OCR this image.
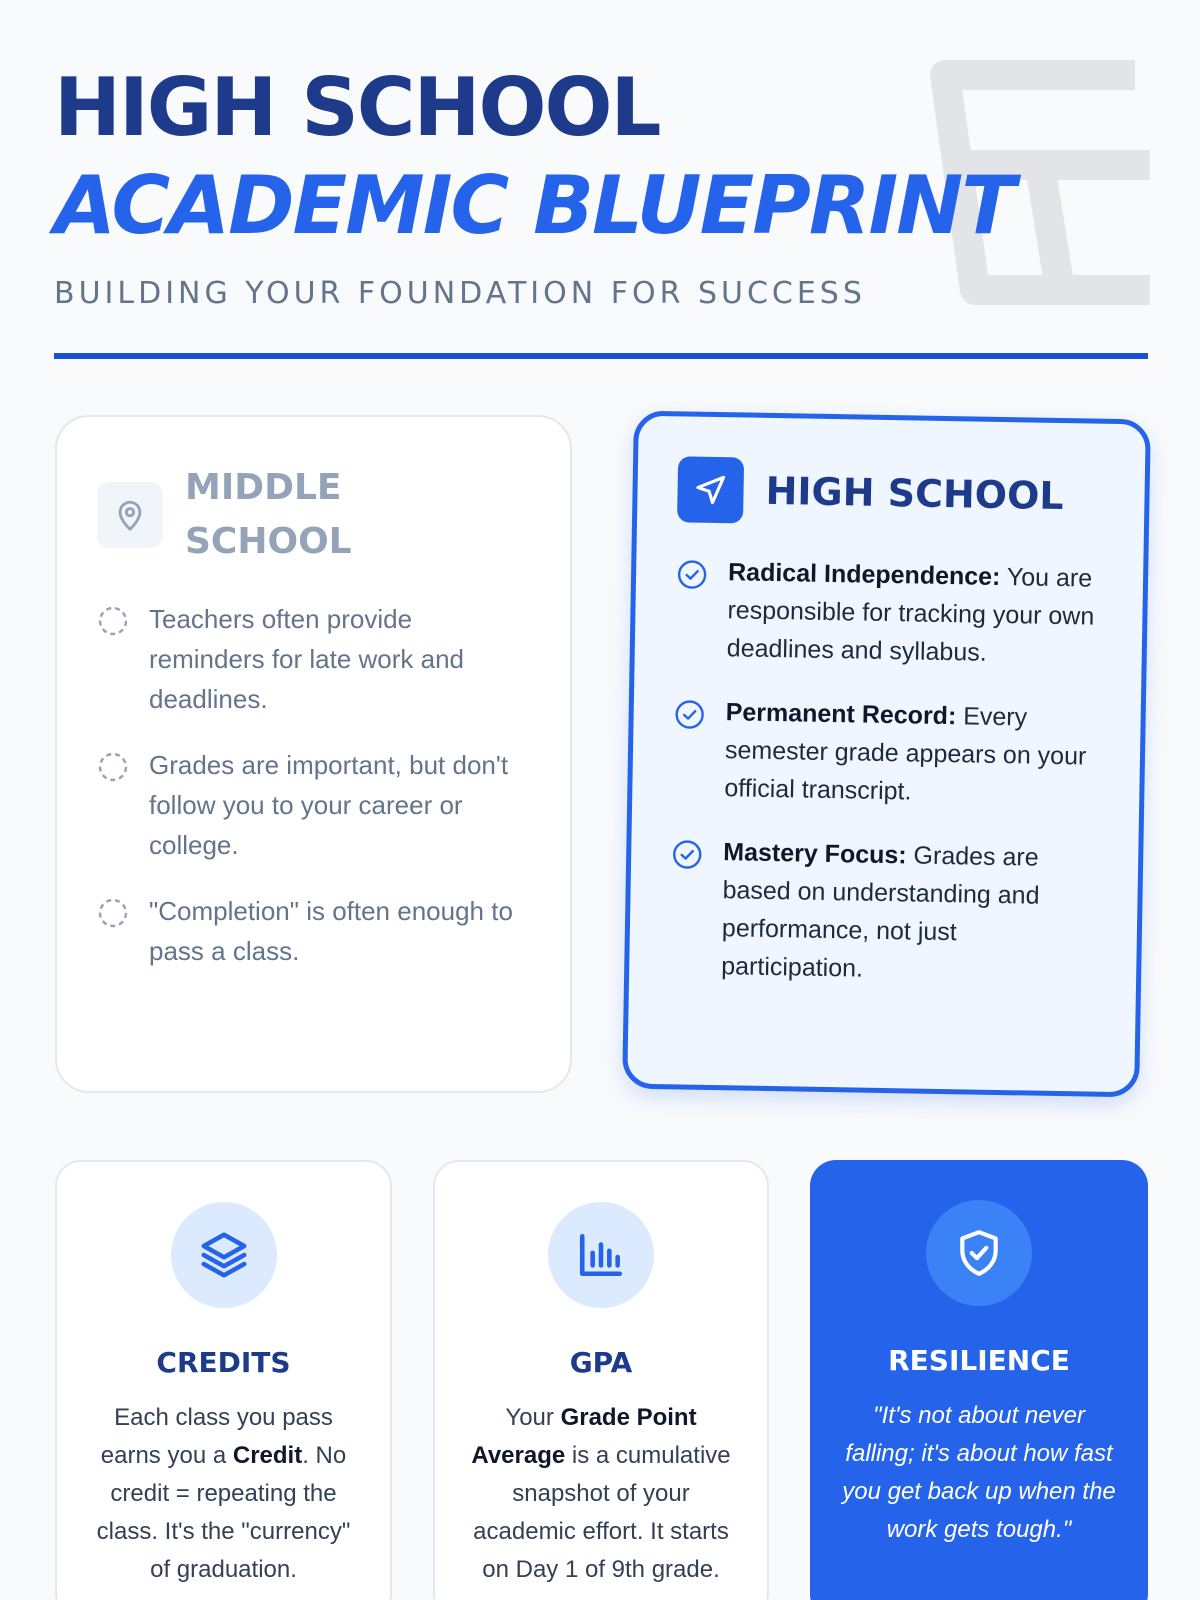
HIGH SCHOOL
ACADEMIC BLUEPRINT
BUILDING YOUR FOUNDATION FOR SUCCESS
MIDDLE SCHOOL
Teachers often provide reminders for late work and deadlines.
Grades are important, but don't follow you to your career or college.
"Completion" is often enough to pass a class.
HIGH SCHOOL
Radical Independence: You are responsible for tracking your own deadlines and syllabus.
Permanent Record: Every semester grade appears on your official transcript.
Mastery Focus: Grades are based on understanding and performance, not just participation.
CREDITS
Each class you pass earns you a Credit. No credit = repeating the class. It's the "currency" of graduation.
GPA
Your Grade Point Average is a cumulative snapshot of your academic effort. It starts on Day 1 of 9th grade.
RESILIENCE
"It's not about never falling; it's about how fast you get back up when the work gets tough."
